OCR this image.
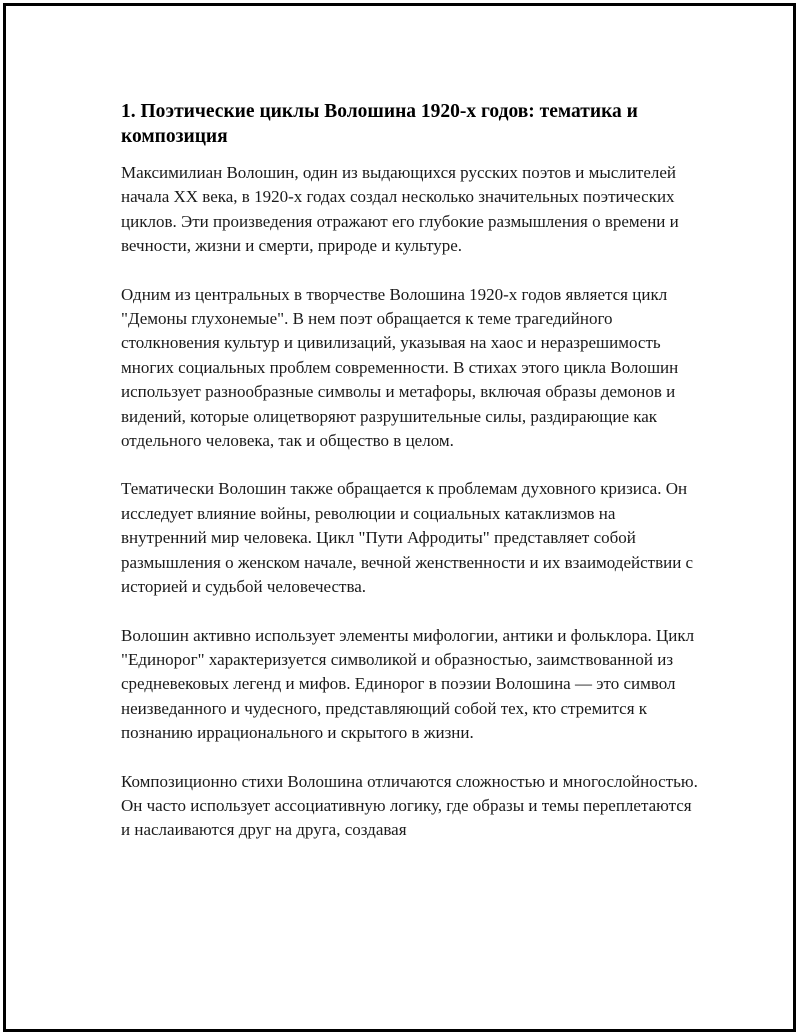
1. Поэтические циклы Волошина 1920-х годов: тематика и композиция

Максимилиан Волошин, один из выдающихся русских поэтов и мыслителей начала XX века, в 1920-х годах создал несколько значительных поэтических циклов. Эти произведения отражают его глубокие размышления о времени и вечности, жизни и смерти, природе и культуре.

Одним из центральных в творчестве Волошина 1920-х годов является цикл "Демоны глухонемые". В нем поэт обращается к теме трагедийного столкновения культур и цивилизаций, указывая на хаос и неразрешимость многих социальных проблем современности. В стихах этого цикла Волошин использует разнообразные символы и метафоры, включая образы демонов и видений, которые олицетворяют разрушительные силы, раздирающие как отдельного человека, так и общество в целом.

Тематически Волошин также обращается к проблемам духовного кризиса. Он исследует влияние войны, революции и социальных катаклизмов на внутренний мир человека. Цикл "Пути Афродиты" представляет собой размышления о женском начале, вечной женственности и их взаимодействии с историей и судьбой человечества.

Волошин активно использует элементы мифологии, антики и фольклора. Цикл "Единорог" характеризуется символикой и образностью, заимствованной из средневековых легенд и мифов. Единорог в поэзии Волошина — это символ неизведанного и чудесного, представляющий собой тех, кто стремится к познанию иррационального и скрытого в жизни.

Композиционно стихи Волошина отличаются сложностью и многослойностью. Он часто использует ассоциативную логику, где образы и темы переплетаются и наслаиваются друг на друга, создавая
